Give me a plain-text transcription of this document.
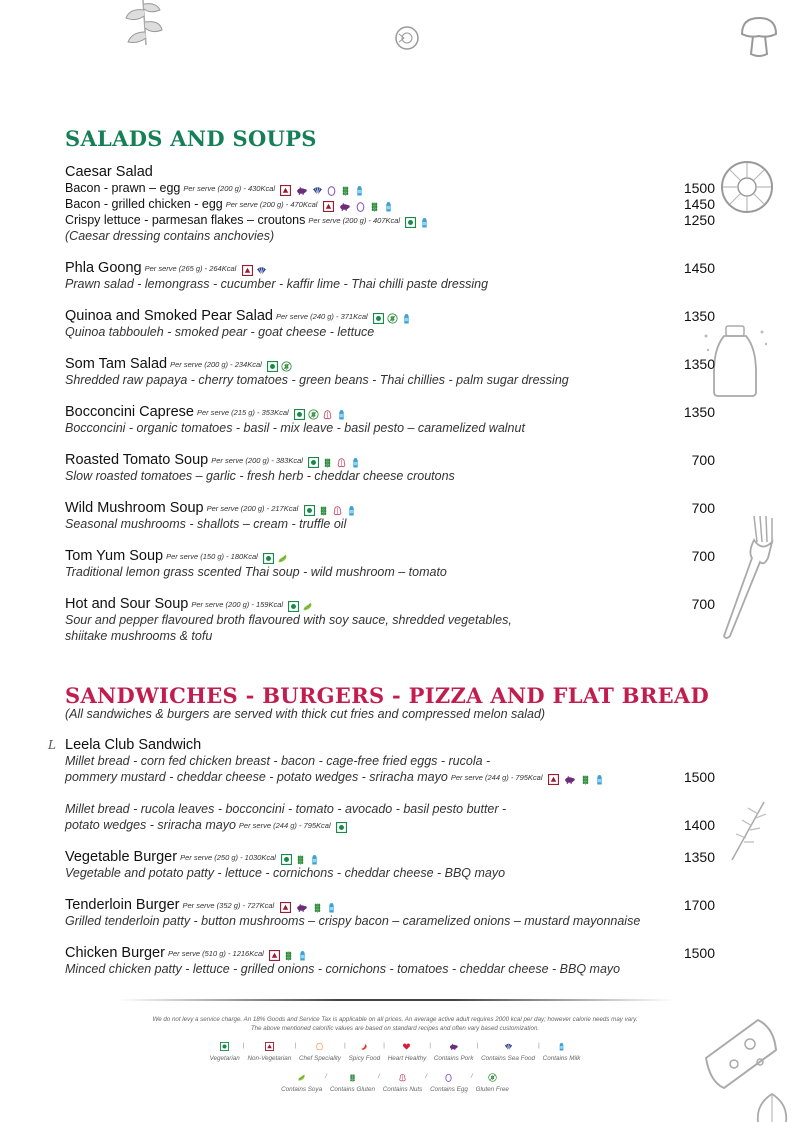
SALADS AND SOUPS
Caesar Salad
Bacon - prawn – egg Per serve (200 g) - 430Kcal	1500
Bacon - grilled chicken - egg Per serve (200 g) - 470Kcal	1450
Crispy lettuce - parmesan flakes – croutons Per serve (200 g) - 407Kcal	1250
(Caesar dressing contains anchovies)
Phla Goong Per serve (265 g) - 264Kcal	1450
Prawn salad - lemongrass - cucumber - kaffir lime - Thai chilli paste dressing
Quinoa and Smoked Pear Salad Per serve (240 g) - 371Kcal	1350
Quinoa tabbouleh - smoked pear - goat cheese - lettuce
Som Tam Salad Per serve (200 g) - 234Kcal	1350
Shredded raw papaya - cherry tomatoes - green beans - Thai chillies - palm sugar dressing
Bocconcini Caprese Per serve (215 g) - 353Kcal	1350
Bocconcini - organic tomatoes - basil - mix leave - basil pesto – caramelized walnut
Roasted Tomato Soup Per serve (200 g) - 383Kcal	700
Slow roasted tomatoes – garlic - fresh herb - cheddar cheese croutons
Wild Mushroom Soup Per serve (200 g) - 217Kcal	700
Seasonal mushrooms - shallots – cream - truffle oil
Tom Yum Soup Per serve (150 g) - 180Kcal	700
Traditional lemon grass scented Thai soup - wild mushroom – tomato
Hot and Sour Soup Per serve (200 g) - 159Kcal	700
Sour and pepper flavoured broth flavoured with soy sauce, shredded vegetables,
shiitake mushrooms & tofu
SANDWICHES - BURGERS - PIZZA AND FLAT BREAD
(All sandwiches & burgers are served with thick cut fries and compressed melon salad)
L Leela Club Sandwich
Millet bread - corn fed chicken breast - bacon - cage-free fried eggs - rucola -
pommery mustard - cheddar cheese - potato wedges - sriracha mayo Per serve (244 g) - 795Kcal	1500
Millet bread - rucola leaves - bocconcini - tomato - avocado - basil pesto butter -
potato wedges - sriracha mayo Per serve (244 g) - 795Kcal	1400
Vegetable Burger Per serve (250 g) - 1030Kcal	1350
Vegetable and potato patty - lettuce - cornichons - cheddar cheese - BBQ mayo
Tenderloin Burger Per serve (352 g) - 727Kcal	1700
Grilled tenderloin patty - button mushrooms – crispy bacon – caramelized onions – mustard mayonnaise
Chicken Burger Per serve (510 g) - 1216Kcal	1500
Minced chicken patty - lettuce - grilled onions - cornichons - tomatoes - cheddar cheese - BBQ mayo
We do not levy a service charge. An 18% Goods and Service Tax is applicable on all prices. An average active adult requires 2000 kcal per day; however calorie needs may vary.
The above mentioned calorific values are based on standard recipes and often vary based customization.
Vegetarian|
Non-Vegetarian|
Chef Speciality|
Spicy Food|
Heart Healthy|
Contains Pork|
Contains Sea Food|
Contains Milk
Contains Soya/
Contains Gluten/
Contains Nuts/
Contains Egg/
Gluten Free
